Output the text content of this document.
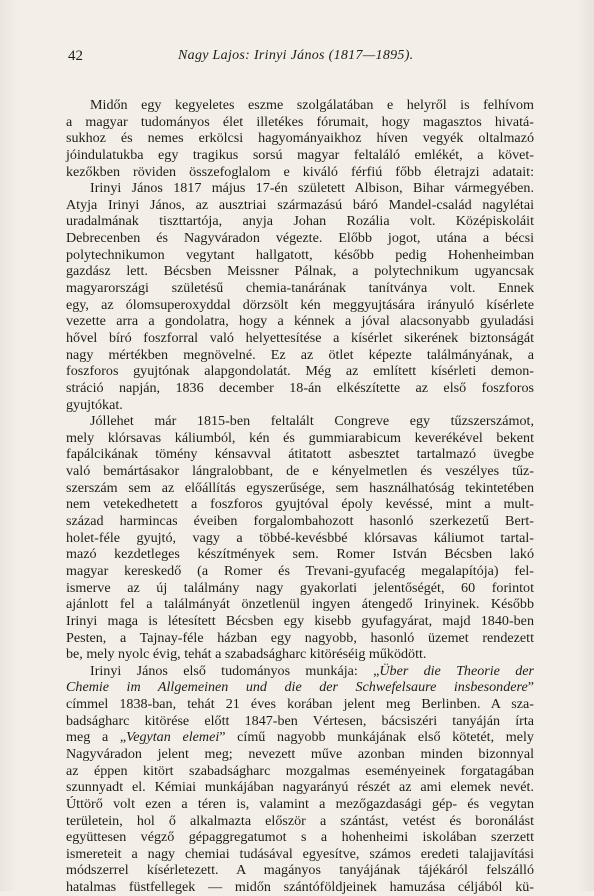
42	Nagy Lajos: Irinyi János (1817—1895).
Midőn egy kegyeletes eszme szolgálatában e helyről is felhívom
a magyar tudományos élet illetékes fórumait, hogy magasztos hivatá-
sukhoz és nemes erkölcsi hagyományaikhoz híven vegyék oltalmazó
jóindulatukba egy tragikus sorsú magyar feltaláló emlékét, a követ-
kezőkben röviden összefoglalom e kiváló férfiú főbb életrajzi adatait:
Irinyi János 1817 május 17-én született Albison, Bihar vármegyében.
Atyja Irinyi János, az ausztriai származású báró Mandel-család nagylétai
uradalmának tiszttartója, anyja Johan Rozália volt. Középiskoláit
Debrecenben és Nagyváradon végezte. Előbb jogot, utána a bécsi
polytechnikumon vegytant hallgatott, később pedig Hohenheimban
gazdász lett. Bécsben Meissner Pálnak, a polytechnikum ugyancsak
magyarországi születésű chemia-tanárának tanítványa volt. Ennek
egy, az ólomsuperoxyddal dörzsölt kén meggyujtására irányuló kísérlete
vezette arra a gondolatra, hogy a kénnek a jóval alacsonyabb gyuladási
hővel bíró foszforral való helyettesítése a kísérlet sikerének biztonságát
nagy mértékben megnövelné. Ez az ötlet képezte találmányának, a
foszforos gyujtónak alapgondolatát. Még az említett kísérleti demon-
stráció napján, 1836 december 18-án elkészítette az első foszforos
gyujtókat.
Jóllehet már 1815-ben feltalált Congreve egy tűzszerszámot,
mely klórsavas káliumból, kén és gummiarabicum keverékével bekent
fapálcikának tömény kénsavval átitatott asbesztet tartalmazó üvegbe
való bemártásakor lángralobbant, de e kényelmetlen és veszélyes tűz-
szerszám sem az előállítás egyszerűsége, sem használhatóság tekintetében
nem vetekedhetett a foszforos gyujtóval époly kevéssé, mint a mult-
század harmincas éveiben forgalombahozott hasonló szerkezetű Bert-
holet-féle gyujtó, vagy a többé-kevésbbé klórsavas káliumot tartal-
mazó kezdetleges készítmények sem. Romer István Bécsben lakó
magyar kereskedő (a Romer és Trevani-gyufacég megalapítója) fel-
ismerve az új találmány nagy gyakorlati jelentőségét, 60 forintot
ajánlott fel a találmányát önzetlenül ingyen átengedő Irinyinek. Később
Irinyi maga is létesített Bécsben egy kisebb gyufagyárat, majd 1840-ben
Pesten, a Tajnay-féle házban egy nagyobb, hasonló üzemet rendezett
be, mely nyolc évig, tehát a szabadságharc kitöréséig működött.
Irinyi János első tudományos munkája: „Über die Theorie der
Chemie im Allgemeinen und die der Schwefelsaure insbesondere”
címmel 1838-ban, tehát 21 éves korában jelent meg Berlinben. A sza-
badságharc kitörése előtt 1847-ben Vértesen, bácsiszéri tanyáján írta
meg a „Vegytan elemei” című nagyobb munkájának első kötetét, mely
Nagyváradon jelent meg; nevezett műve azonban minden bizonnyal
az éppen kitört szabadságharc mozgalmas eseményeinek forgatagában
szunnyadt el. Kémiai munkájában nagyarányú részét az ami elemek nevét.
Úttörő volt ezen a téren is, valamint a mezőgazdasági gép- és vegytan
területein, hol ő alkalmazta először a szántást, vetést és boronálást
együttesen végző gépaggregatumot s a hohenheimi iskolában szerzett
ismereteit a nagy chemiai tudásával egyesítve, számos eredeti talajjavítási
módszerrel kísérletezett. A magányos tanyájának tájékáról felszálló
hatalmas füstfellegek — midőn szántóföldjeinek hamuzása céljából kü-
